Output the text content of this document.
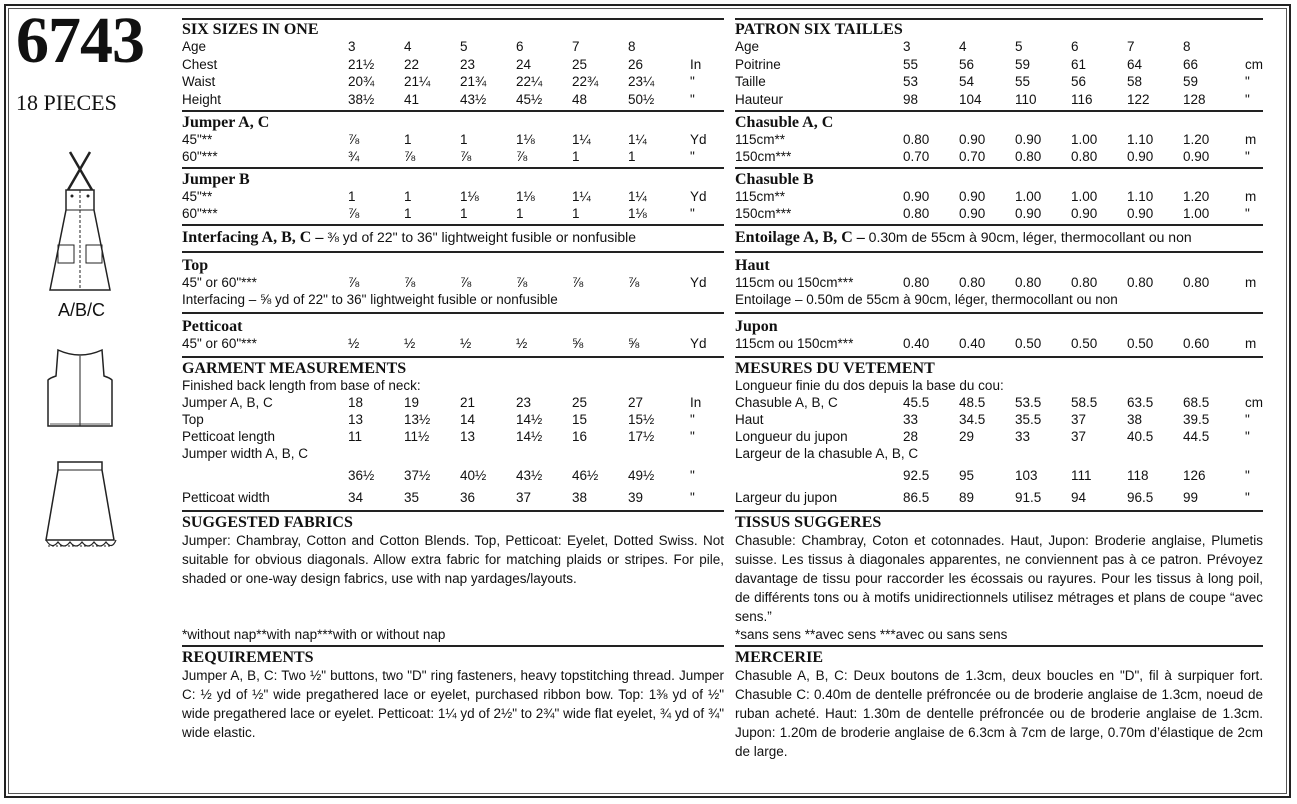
6743
18 PIECES
A/B/C
SIX SIZES IN ONE
Age	3	4	5	6	7	8
Chest	21½ 22	23	24	25	26	In
Waist	20¾ 21¼ 21¾ 22¼ 22¾ 23¼	"
Height	38½ 41	43½ 45½ 48	50½	"
Jumper A, C
45"**	⅞	1	1	1⅛	1¼	1¼	Yd
60"***	¾	⅞	⅞	⅞	1	1	"
Jumper B
45"**	1	1	1⅛	1⅛	1¼	1¼	Yd
60"***	⅞	1	1	1	1	1⅛	"
Interfacing A, B, C – ⅜ yd of 22" to 36" lightweight fusible or nonfusible
Top
45" or 60"***	⅞	⅞	⅞	⅞	⅞	⅞	Yd
Interfacing – ⅝ yd of 22" to 36" lightweight fusible or nonfusible
Petticoat
45" or 60"***	½	½	½	½	⅝	⅝	Yd
GARMENT MEASUREMENTS
Finished back length from base of neck:
Jumper A, B, C	18	19	21	23	25	27	In
Top	13	13½ 14	14½ 15	15½	"
Petticoat length	11	11½ 13	14½ 16	17½	"
Jumper width A, B, C
36½ 37½ 40½ 43½ 46½ 49½	"
Petticoat width	34	35	36	37	38	39	"
SUGGESTED FABRICS
Jumper: Chambray, Cotton and Cotton Blends. Top, Petticoat: Eyelet, Dotted Swiss. Not suitable for obvious diagonals. Allow extra fabric for matching plaids or stripes. For pile, shaded or one-way design fabrics, use with nap yardages/layouts.
*without nap**with nap***with or without nap
REQUIREMENTS
Jumper A, B, C: Two ½" buttons, two "D" ring fasteners, heavy topstitching thread. Jumper C: ½ yd of ½" wide pregathered lace or eyelet, purchased ribbon bow. Top: 1⅜ yd of ½" wide pregathered lace or eyelet. Petticoat: 1¼ yd of 2½" to 2¾" wide flat eyelet, ¾ yd of ¾" wide elastic.
PATRON SIX TAILLES
Age	3	4	5	6	7	8
Poitrine	55	56	59	61	64	66	cm
Taille	53	54	55	56	58	59	"
Hauteur	98	104 110	116	122 128	"
Chasuble A, C
115cm**	0.80 0.90 0.90 1.00 1.10 1.20	m
150cm***	0.70 0.70 0.80 0.80 0.90 0.90	"
Chasuble B
115cm**	0.90 0.90 1.00 1.00 1.10 1.20	m
150cm***	0.80 0.90 0.90 0.90 0.90 1.00	"
Entoilage A, B, C – 0.30m de 55cm à 90cm, léger, thermocollant ou non
Haut
115cm ou 150cm***	0.80 0.80 0.80 0.80 0.80 0.80	m
Entoilage – 0.50m de 55cm à 90cm, léger, thermocollant ou non
Jupon
115cm ou 150cm***	0.40 0.40 0.50 0.50 0.50 0.60	m
MESURES DU VETEMENT
Longueur finie du dos depuis la base du cou:
Chasuble A, B, C	45.5 48.5 53.5 58.5 63.5 68.5	cm
Haut	33	34.5 35.5 37	38	39.5	"
Longueur du jupon	28	29	33	37	40.5 44.5	"
Largeur de la chasuble A, B, C
92.5 95	103 111	118	126	"
Largeur du jupon	86.5 89	91.5 94	96.5 99	"
TISSUS SUGGERES
Chasuble: Chambray, Coton et cotonnades. Haut, Jupon: Broderie anglaise, Plumetis suisse. Les tissus à diagonales apparentes, ne conviennent pas à ce patron. Prévoyez davantage de tissu pour raccorder les écossais ou rayures. Pour les tissus à long poil, de différents tons ou à motifs unidirectionnels utilisez métrages et plans de coupe “avec sens.”
*sans sens **avec sens ***avec ou sans sens
MERCERIE
Chasuble A, B, C: Deux boutons de 1.3cm, deux boucles en "D", fil à surpiquer fort. Chasuble C: 0.40m de dentelle préfroncée ou de broderie anglaise de 1.3cm, noeud de ruban acheté. Haut: 1.30m de dentelle préfroncée ou de broderie anglaise de 1.3cm. Jupon: 1.20m de broderie anglaise de 6.3cm à 7cm de large, 0.70m d’élastique de 2cm de large.
